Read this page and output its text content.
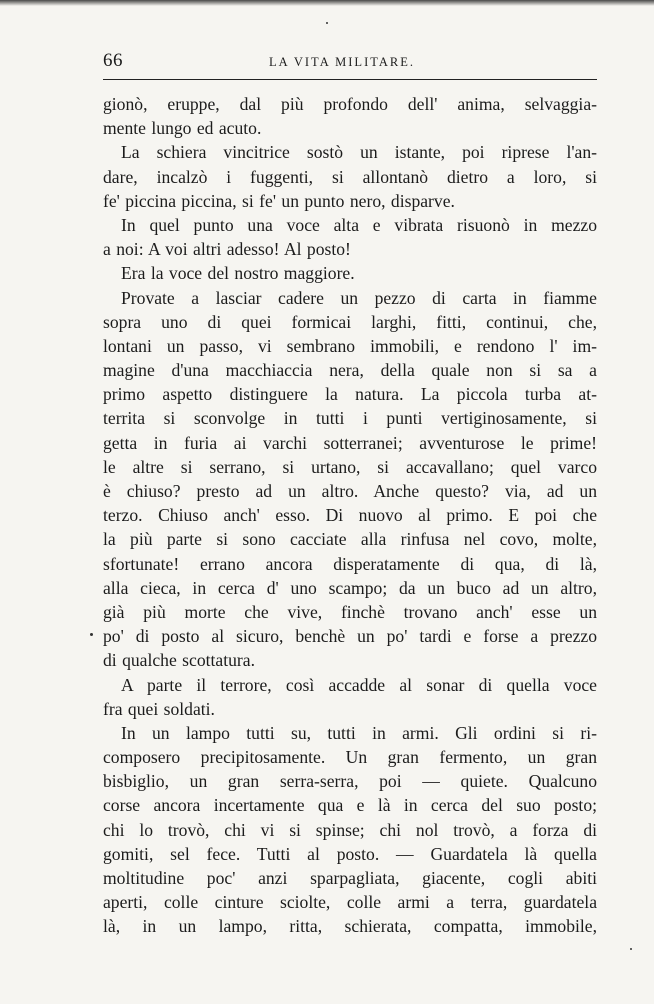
66	LA VITA MILITARE.
gionò, eruppe, dal più profondo dell' anima, selvaggia-
mente lungo ed acuto.
La schiera vincitrice sostò un istante, poi riprese l'an-
dare, incalzò i fuggenti, si allontanò dietro a loro, si
fe' piccina piccina, si fe' un punto nero, disparve.
In quel punto una voce alta e vibrata risuonò in mezzo
a noi: A voi altri adesso! Al posto!
Era la voce del nostro maggiore.
Provate a lasciar cadere un pezzo di carta in fiamme
sopra uno di quei formicai larghi, fitti, continui, che,
lontani un passo, vi sembrano immobili, e rendono l' im-
magine d'una macchiaccia nera, della quale non si sa a
primo aspetto distinguere la natura. La piccola turba at-
territa si sconvolge in tutti i punti vertiginosamente, si
getta in furia ai varchi sotterranei; avventurose le prime!
le altre si serrano, si urtano, si accavallano; quel varco
è chiuso? presto ad un altro. Anche questo? via, ad un
terzo. Chiuso anch' esso. Di nuovo al primo. E poi che
la più parte si sono cacciate alla rinfusa nel covo, molte,
sfortunate! errano ancora disperatamente di qua, di là,
alla cieca, in cerca d' uno scampo; da un buco ad un altro,
già più morte che vive, finchè trovano anch' esse un
po' di posto al sicuro, benchè un po' tardi e forse a prezzo
di qualche scottatura.
A parte il terrore, così accadde al sonar di quella voce
fra quei soldati.
In un lampo tutti su, tutti in armi. Gli ordini si ri-
composero precipitosamente. Un gran fermento, un gran
bisbiglio, un gran serra-serra, poi — quiete. Qualcuno
corse ancora incertamente qua e là in cerca del suo posto;
chi lo trovò, chi vi si spinse; chi nol trovò, a forza di
gomiti, sel fece. Tutti al posto. — Guardatela là quella
moltitudine poc' anzi sparpagliata, giacente, cogli abiti
aperti, colle cinture sciolte, colle armi a terra, guardatela
là, in un lampo, ritta, schierata, compatta, immobile,
